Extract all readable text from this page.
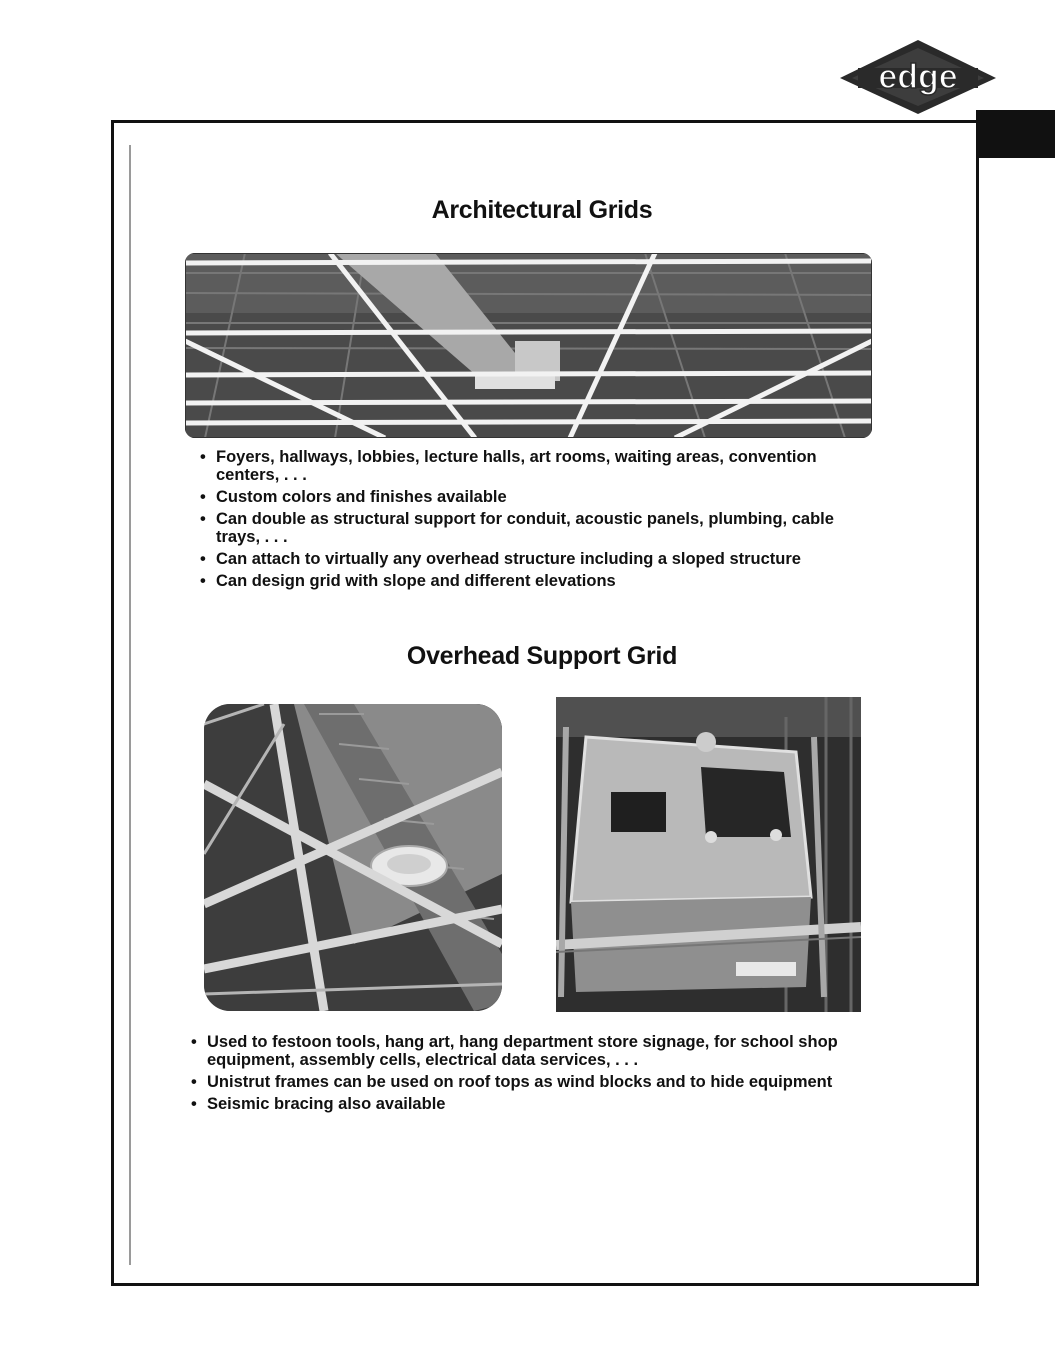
edge
Architectural Grids
• Foyers, hallways, lobbies, lecture halls, art rooms, waiting areas, convention centers, . . .
• Custom colors and finishes available
• Can double as structural support for conduit, acoustic panels, plumbing, cable trays, . . .
• Can attach to virtually any overhead structure including a sloped structure
• Can design grid with slope and different elevations
Overhead Support Grid
• Used to festoon tools, hang art, hang department store signage, for school shop equipment, assembly cells, electrical data services, . . .
• Unistrut frames can be used on roof tops as wind blocks and to hide equipment
• Seismic bracing also available
